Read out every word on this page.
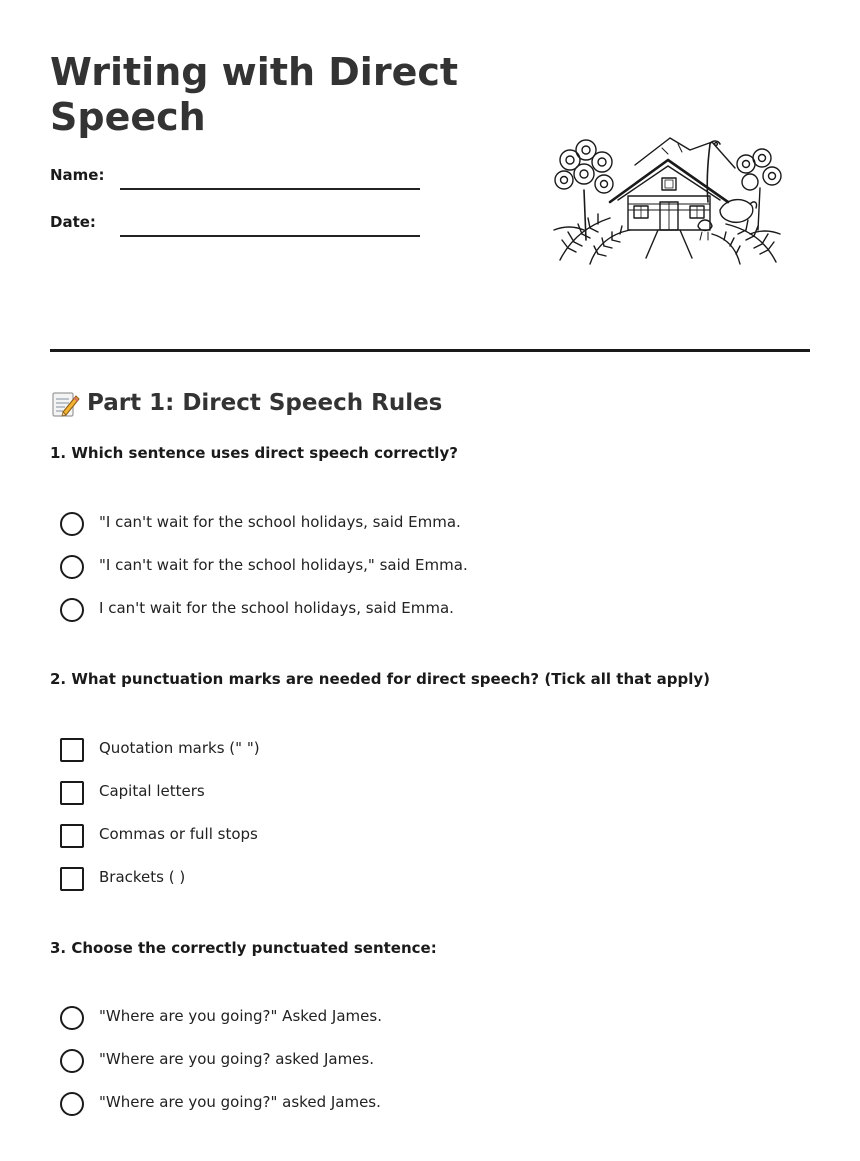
Writing with Direct Speech
Name:
Date:
Part 1: Direct Speech Rules
1. Which sentence uses direct speech correctly?
"I can't wait for the school holidays, said Emma.
"I can't wait for the school holidays," said Emma.
I can't wait for the school holidays, said Emma.
2. What punctuation marks are needed for direct speech? (Tick all that apply)
Quotation marks (" ")
Capital letters
Commas or full stops
Brackets ( )
3. Choose the correctly punctuated sentence:
"Where are you going?" Asked James.
"Where are you going? asked James.
"Where are you going?" asked James.
